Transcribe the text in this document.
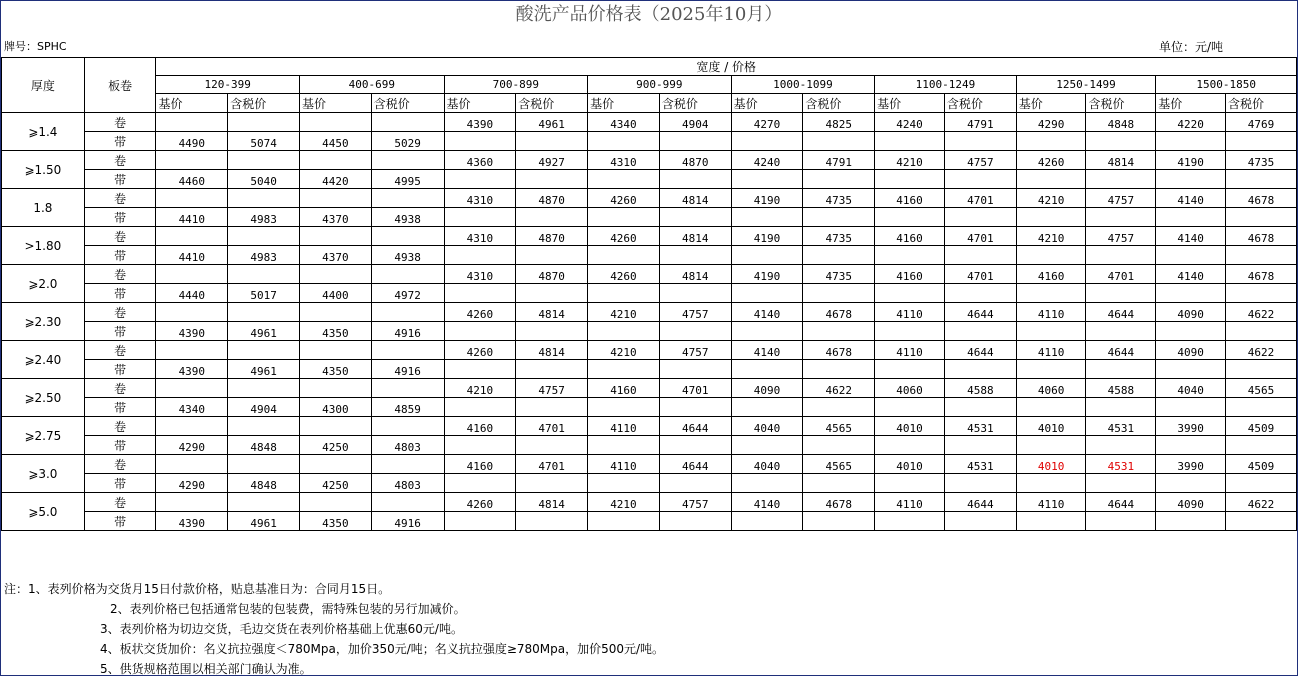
酸洗产品价格表（2025年10月）
牌号：SPHC	单位：元/吨
厚度	板卷	宽度 / 价格															
		120-399		400-699		700-899		900-999		1000-1099		1100-1249		1250-1499		1500-1850	
		基价	含税价	基价	含税价	基价	含税价	基价	含税价	基价	含税价	基价	含税价	基价	含税价	基价	含税价
⩾1.4	卷					4390	4961	4340	4904	4270	4825	4240	4791	4290	4848	4220	4769
	带	4490	5074	4450	5029												
⩾1.50	卷					4360	4927	4310	4870	4240	4791	4210	4757	4260	4814	4190	4735
	带	4460	5040	4420	4995												
1.8	卷					4310	4870	4260	4814	4190	4735	4160	4701	4210	4757	4140	4678
	带	4410	4983	4370	4938												
>1.80	卷					4310	4870	4260	4814	4190	4735	4160	4701	4210	4757	4140	4678
	带	4410	4983	4370	4938												
⩾2.0	卷					4310	4870	4260	4814	4190	4735	4160	4701	4160	4701	4140	4678
	带	4440	5017	4400	4972												
⩾2.30	卷					4260	4814	4210	4757	4140	4678	4110	4644	4110	4644	4090	4622
	带	4390	4961	4350	4916												
⩾2.40	卷					4260	4814	4210	4757	4140	4678	4110	4644	4110	4644	4090	4622
	带	4390	4961	4350	4916												
⩾2.50	卷					4210	4757	4160	4701	4090	4622	4060	4588	4060	4588	4040	4565
	带	4340	4904	4300	4859												
⩾2.75	卷					4160	4701	4110	4644	4040	4565	4010	4531	4010	4531	3990	4509
	带	4290	4848	4250	4803												
⩾3.0	卷					4160	4701	4110	4644	4040	4565	4010	4531	4010	4531	3990	4509
	带	4290	4848	4250	4803												
⩾5.0	卷					4260	4814	4210	4757	4140	4678	4110	4644	4110	4644	4090	4622
	带	4390	4961	4350	4916												
注：1、表列价格为交货月15日付款价格，贴息基准日为：合同月15日。
2、表列价格已包括通常包装的包装费，需特殊包装的另行加减价。
3、表列价格为切边交货，毛边交货在表列价格基础上优惠60元/吨。
4、板状交货加价：名义抗拉强度＜780Mpa，加价350元/吨；名义抗拉强度≥780Mpa，加价500元/吨。
5、供货规格范围以相关部门确认为准。
